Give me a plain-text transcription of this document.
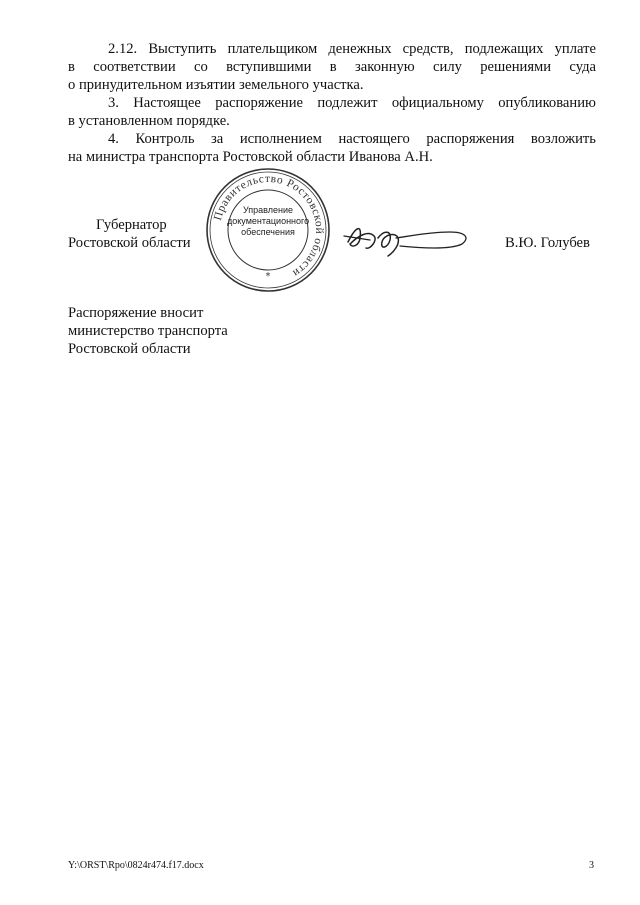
2.12. Выступить плательщиком денежных средств, подлежащих уплате
в соответствии со вступившими в законную силу решениями суда
о принудительном изъятии земельного участка.
3. Настоящее распоряжение подлежит официальному опубликованию
в установленном порядке.
4. Контроль за исполнением настоящего распоряжения возложить
на министра транспорта Ростовской области Иванова А.Н.
Губернатор
Ростовской области
Правительство Ростовской области
*
Управление
документационного
обеспечения
В.Ю. Голубев
Распоряжение вносит
министерство транспорта
Ростовской области
Y:\ORST\Rpo\0824r474.f17.docx	3
